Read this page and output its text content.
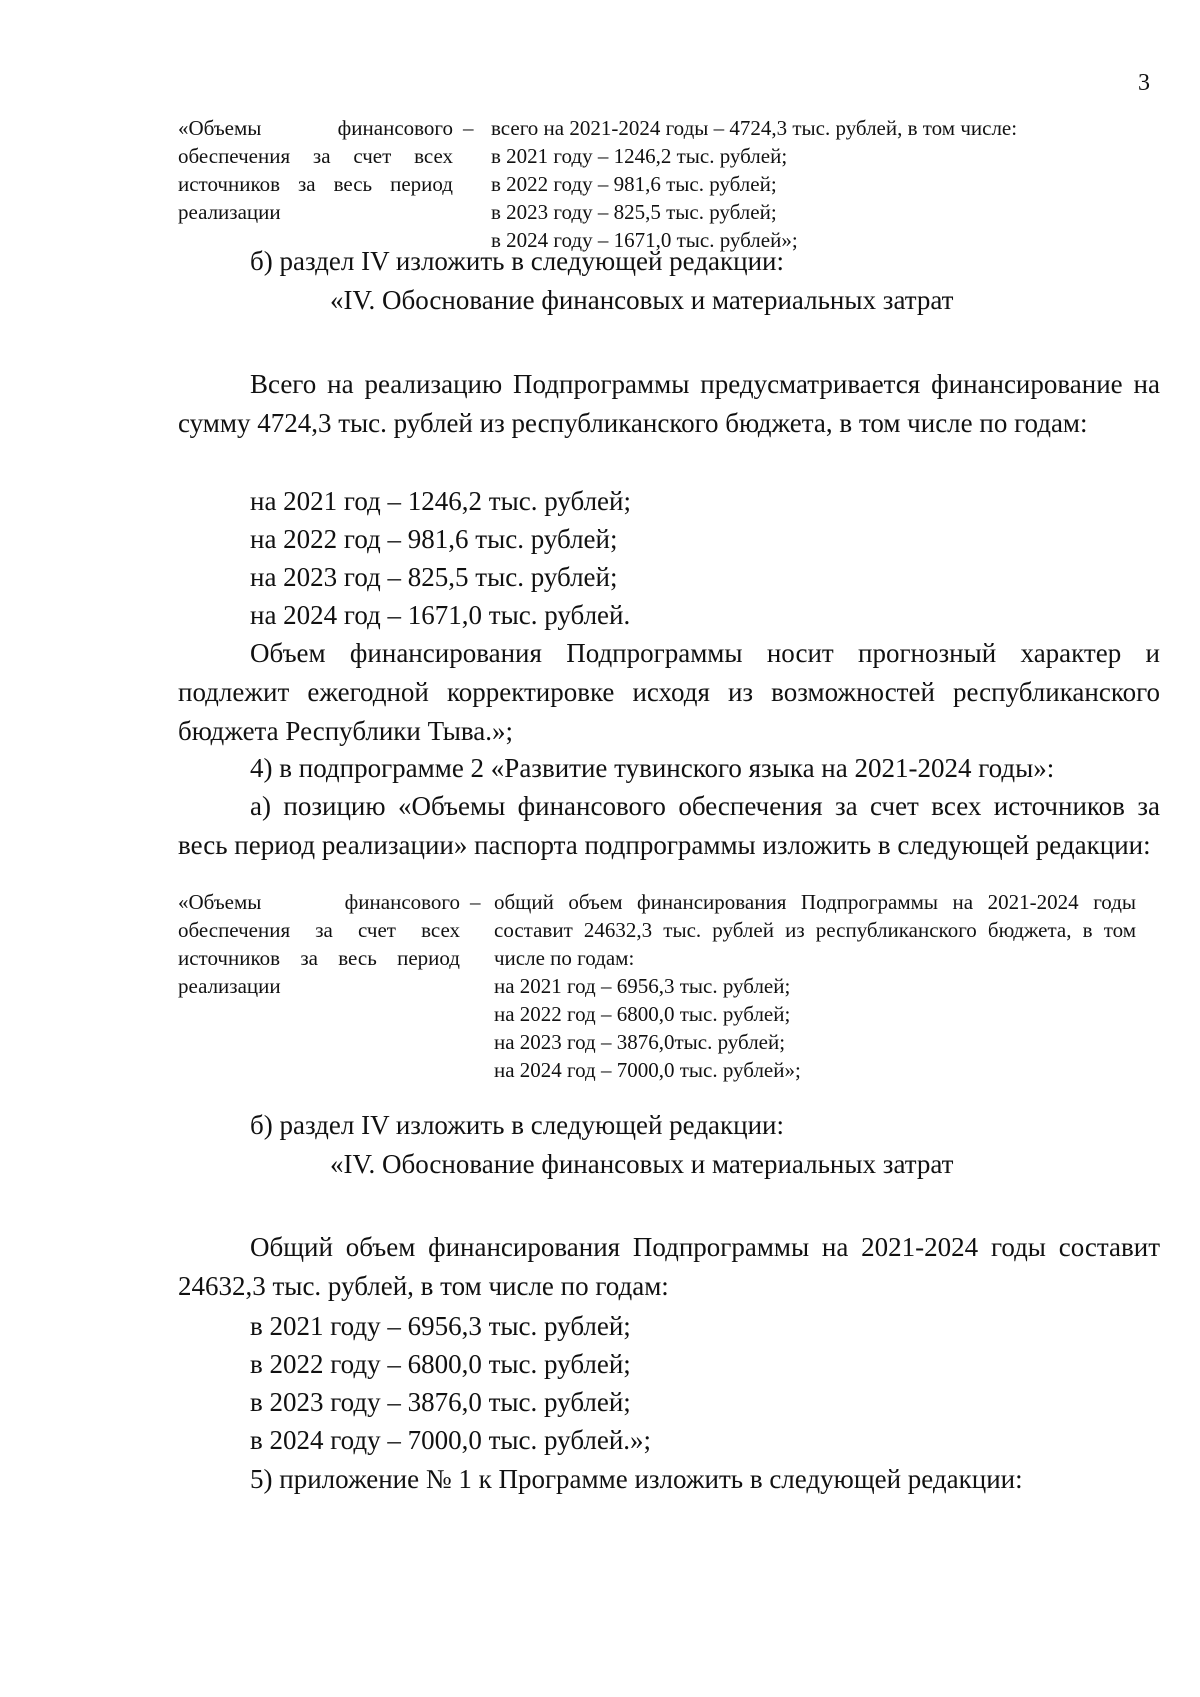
3
«Объемы финансового обеспечения за счет всех источников за весь период реализации
– всего на 2021-2024 годы – 4724,3 тыс. рублей, в том числе:
в 2021 году – 1246,2 тыс. рублей;
в 2022 году – 981,6 тыс. рублей;
в 2023 году – 825,5 тыс. рублей;
в 2024 году – 1671,0 тыс. рублей»;
б) раздел IV изложить в следующей редакции:
«IV. Обоснование финансовых и материальных затрат
Всего на реализацию Подпрограммы предусматривается финансирование на сумму 4724,3 тыс. рублей из республиканского бюджета, в том числе по годам:
на 2021 год – 1246,2 тыс. рублей;
на 2022 год – 981,6 тыс. рублей;
на 2023 год – 825,5 тыс. рублей;
на 2024 год – 1671,0 тыс. рублей.
Объем финансирования Подпрограммы носит прогнозный характер и подлежит ежегодной корректировке исходя из возможностей республиканского бюджета Республики Тыва.»;
4) в подпрограмме 2 «Развитие тувинского языка на 2021-2024 годы»:
а) позицию «Объемы финансового обеспечения за счет всех источников за весь период реализации» паспорта подпрограммы изложить в следующей редакции:
«Объемы финансового обеспечения за счет всех источников за весь период реализации
– общий объем финансирования Подпрограммы на 2021-2024 годы составит 24632,3 тыс. рублей из республиканского бюджета, в том числе по годам:
на 2021 год – 6956,3 тыс. рублей;
на 2022 год – 6800,0 тыс. рублей;
на 2023 год – 3876,0тыс. рублей;
на 2024 год – 7000,0 тыс. рублей»;
б) раздел IV изложить в следующей редакции:
«IV. Обоснование финансовых и материальных затрат
Общий объем финансирования Подпрограммы на 2021-2024 годы составит 24632,3 тыс. рублей, в том числе по годам:
в 2021 году – 6956,3 тыс. рублей;
в 2022 году – 6800,0 тыс. рублей;
в 2023 году – 3876,0 тыс. рублей;
в 2024 году – 7000,0 тыс. рублей.»;
5) приложение № 1 к Программе изложить в следующей редакции:
